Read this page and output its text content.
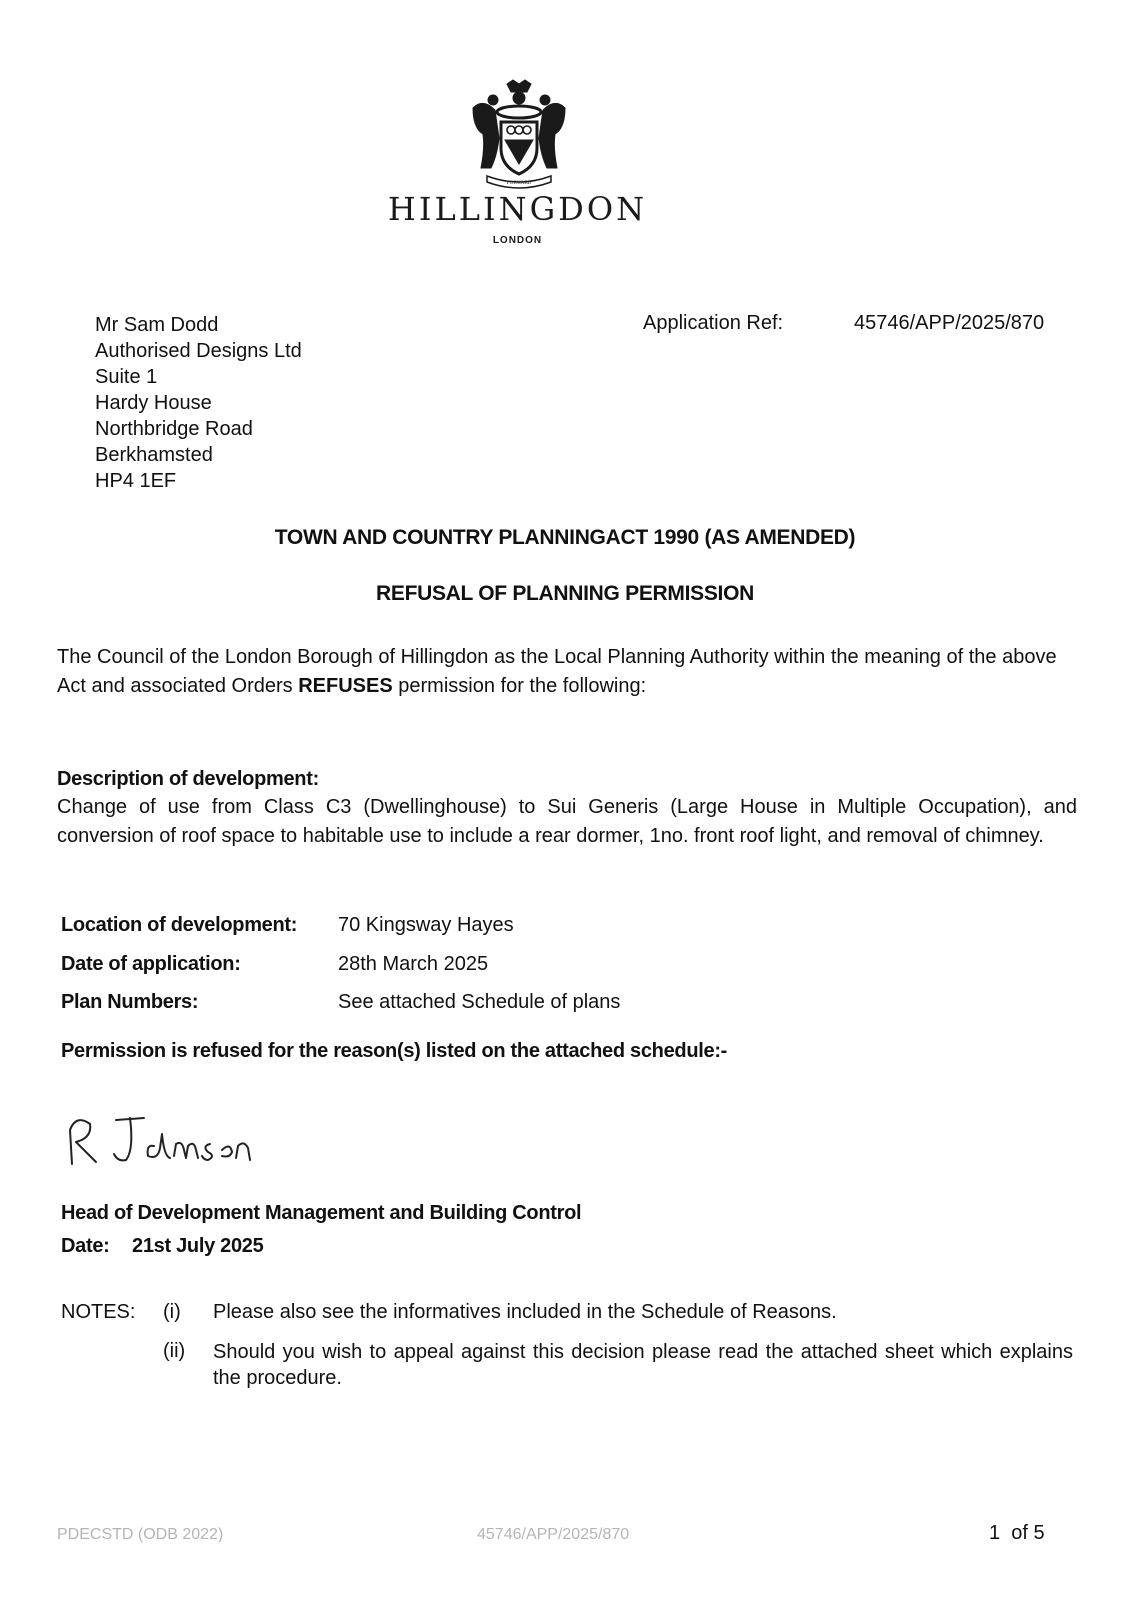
FORWARD
HILLINGDON
LONDON
Mr Sam Dodd
Authorised Designs Ltd
Suite 1
Hardy House
Northbridge Road
Berkhamsted
HP4 1EF
Application Ref:	45746/APP/2025/870
TOWN AND COUNTRY PLANNINGACT 1990 (AS AMENDED)
REFUSAL OF PLANNING PERMISSION
The Council of the London Borough of Hillingdon as the Local Planning Authority within the meaning of the above Act and associated Orders REFUSES permission for the following:
Description of development:
Change of use from Class C3 (Dwellinghouse) to Sui Generis (Large House in Multiple Occupation), and conversion of roof space to habitable use to include a rear dormer, 1no. front roof light, and removal of chimney.
Location of development: 70 Kingsway Hayes
Date of application:	28th March 2025
Plan Numbers:	See attached Schedule of plans
Permission is refused for the reason(s) listed on the attached schedule:-
Head of Development Management and Building Control
Date: 21st July 2025
NOTES: (i) Please also see the informatives included in the Schedule of Reasons.
(ii) Should you wish to appeal against this decision please read the attached sheet which explains the procedure.
PDECSTD (ODB 2022)	45746/APP/2025/870	1 of 5
